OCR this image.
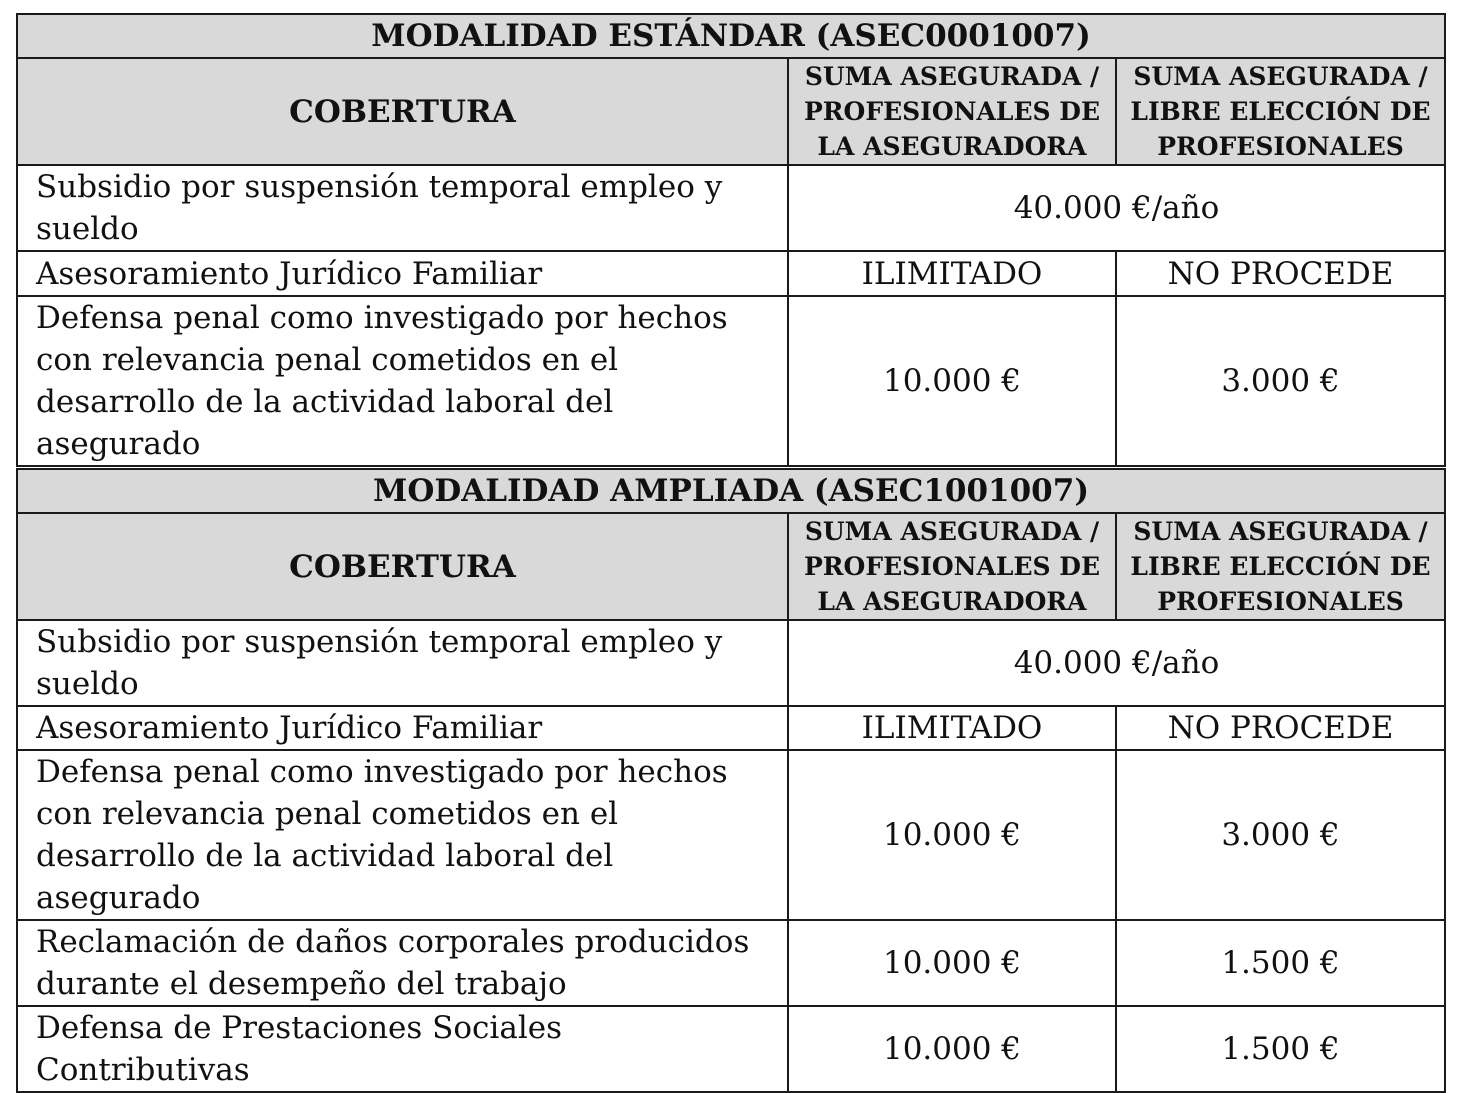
MODALIDAD ESTÁNDAR (ASEC0001007)		
COBERTURA	SUMA ASEGURADA / PROFESIONALES DE LA ASEGURADORA	SUMA ASEGURADA / LIBRE ELECCIÓN DE PROFESIONALES
Subsidio por suspensión temporal empleo y sueldo	40.000 €/año	
Asesoramiento Jurídico Familiar	ILIMITADO	NO PROCEDE
Defensa penal como investigado por hechos con relevancia penal cometidos en el desarrollo de la actividad laboral del asegurado	10.000 €	3.000 €
MODALIDAD AMPLIADA (ASEC1001007)		
COBERTURA	SUMA ASEGURADA / PROFESIONALES DE LA ASEGURADORA	SUMA ASEGURADA / LIBRE ELECCIÓN DE PROFESIONALES
Subsidio por suspensión temporal empleo y sueldo	40.000 €/año	
Asesoramiento Jurídico Familiar	ILIMITADO	NO PROCEDE
Defensa penal como investigado por hechos con relevancia penal cometidos en el desarrollo de la actividad laboral del asegurado	10.000 €	3.000 €
Reclamación de daños corporales producidos durante el desempeño del trabajo	10.000 €	1.500 €
Defensa de Prestaciones Sociales Contributivas	10.000 €	1.500 €
